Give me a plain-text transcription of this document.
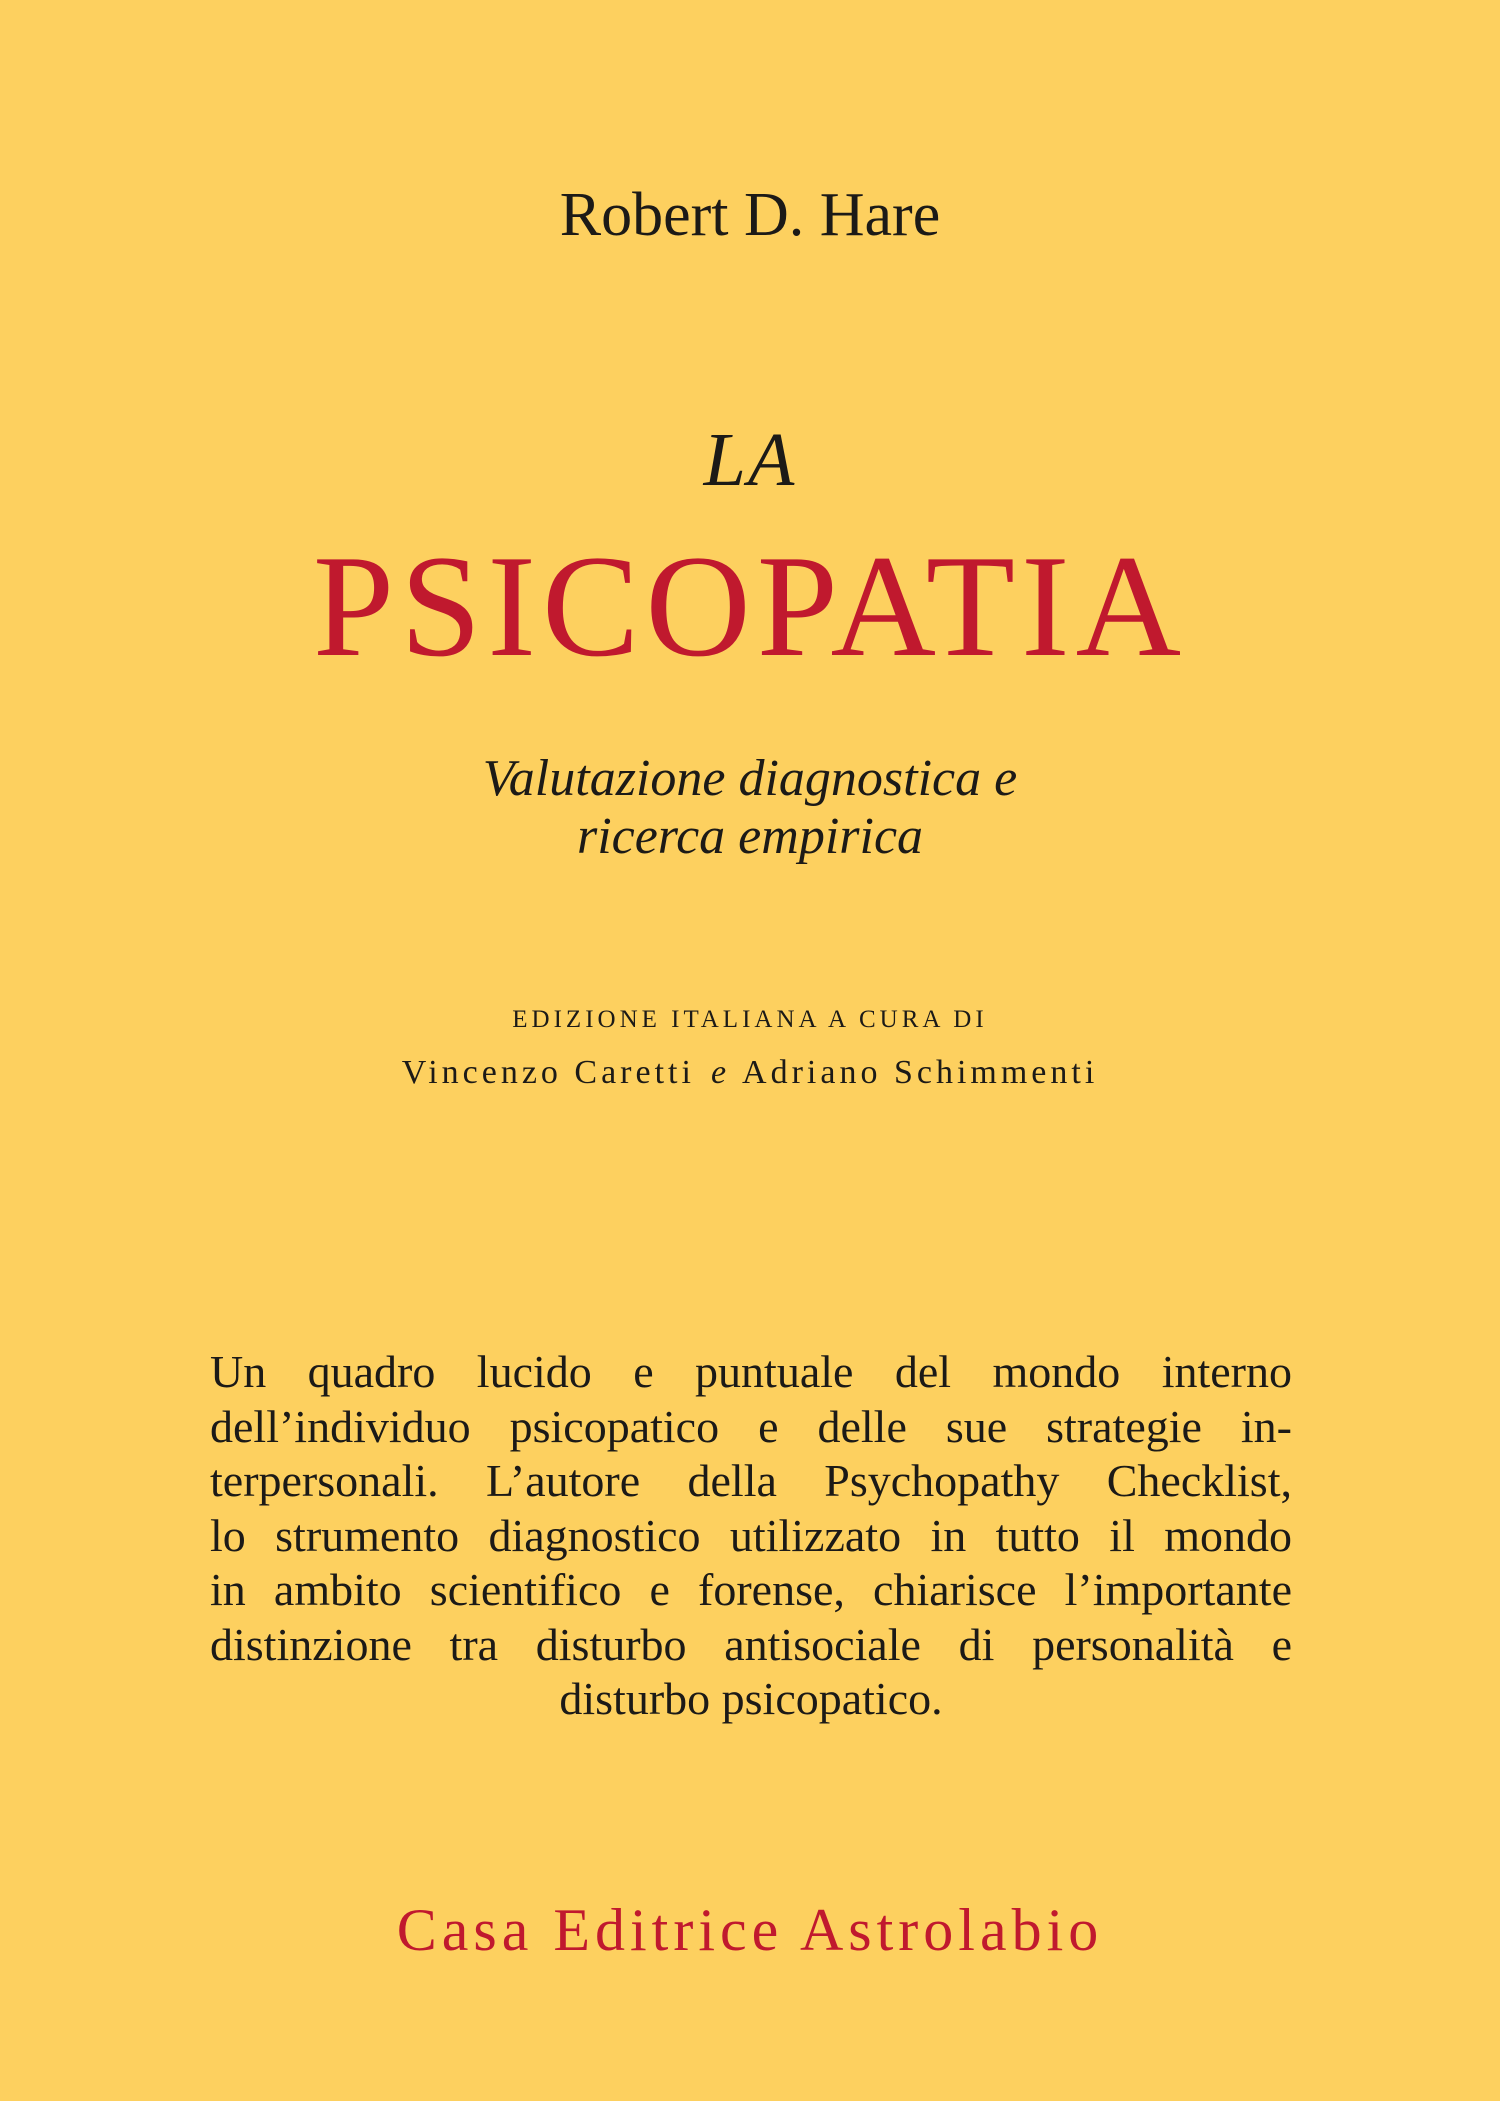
Robert D. Hare
LA
PSICOPATIA
Valutazione diagnostica e
ricerca empirica
EDIZIONE ITALIANA A CURA DI
Vincenzo Caretti e Adriano Schimmenti
Un quadro lucido e puntuale del mondo interno
dell’individuo psicopatico e delle sue strategie in-
terpersonali. L’autore della Psychopathy Checklist,
lo strumento diagnostico utilizzato in tutto il mondo
in ambito scientifico e forense, chiarisce l’importante
distinzione tra disturbo antisociale di personalità e
disturbo psicopatico.
Casa Editrice Astrolabio
